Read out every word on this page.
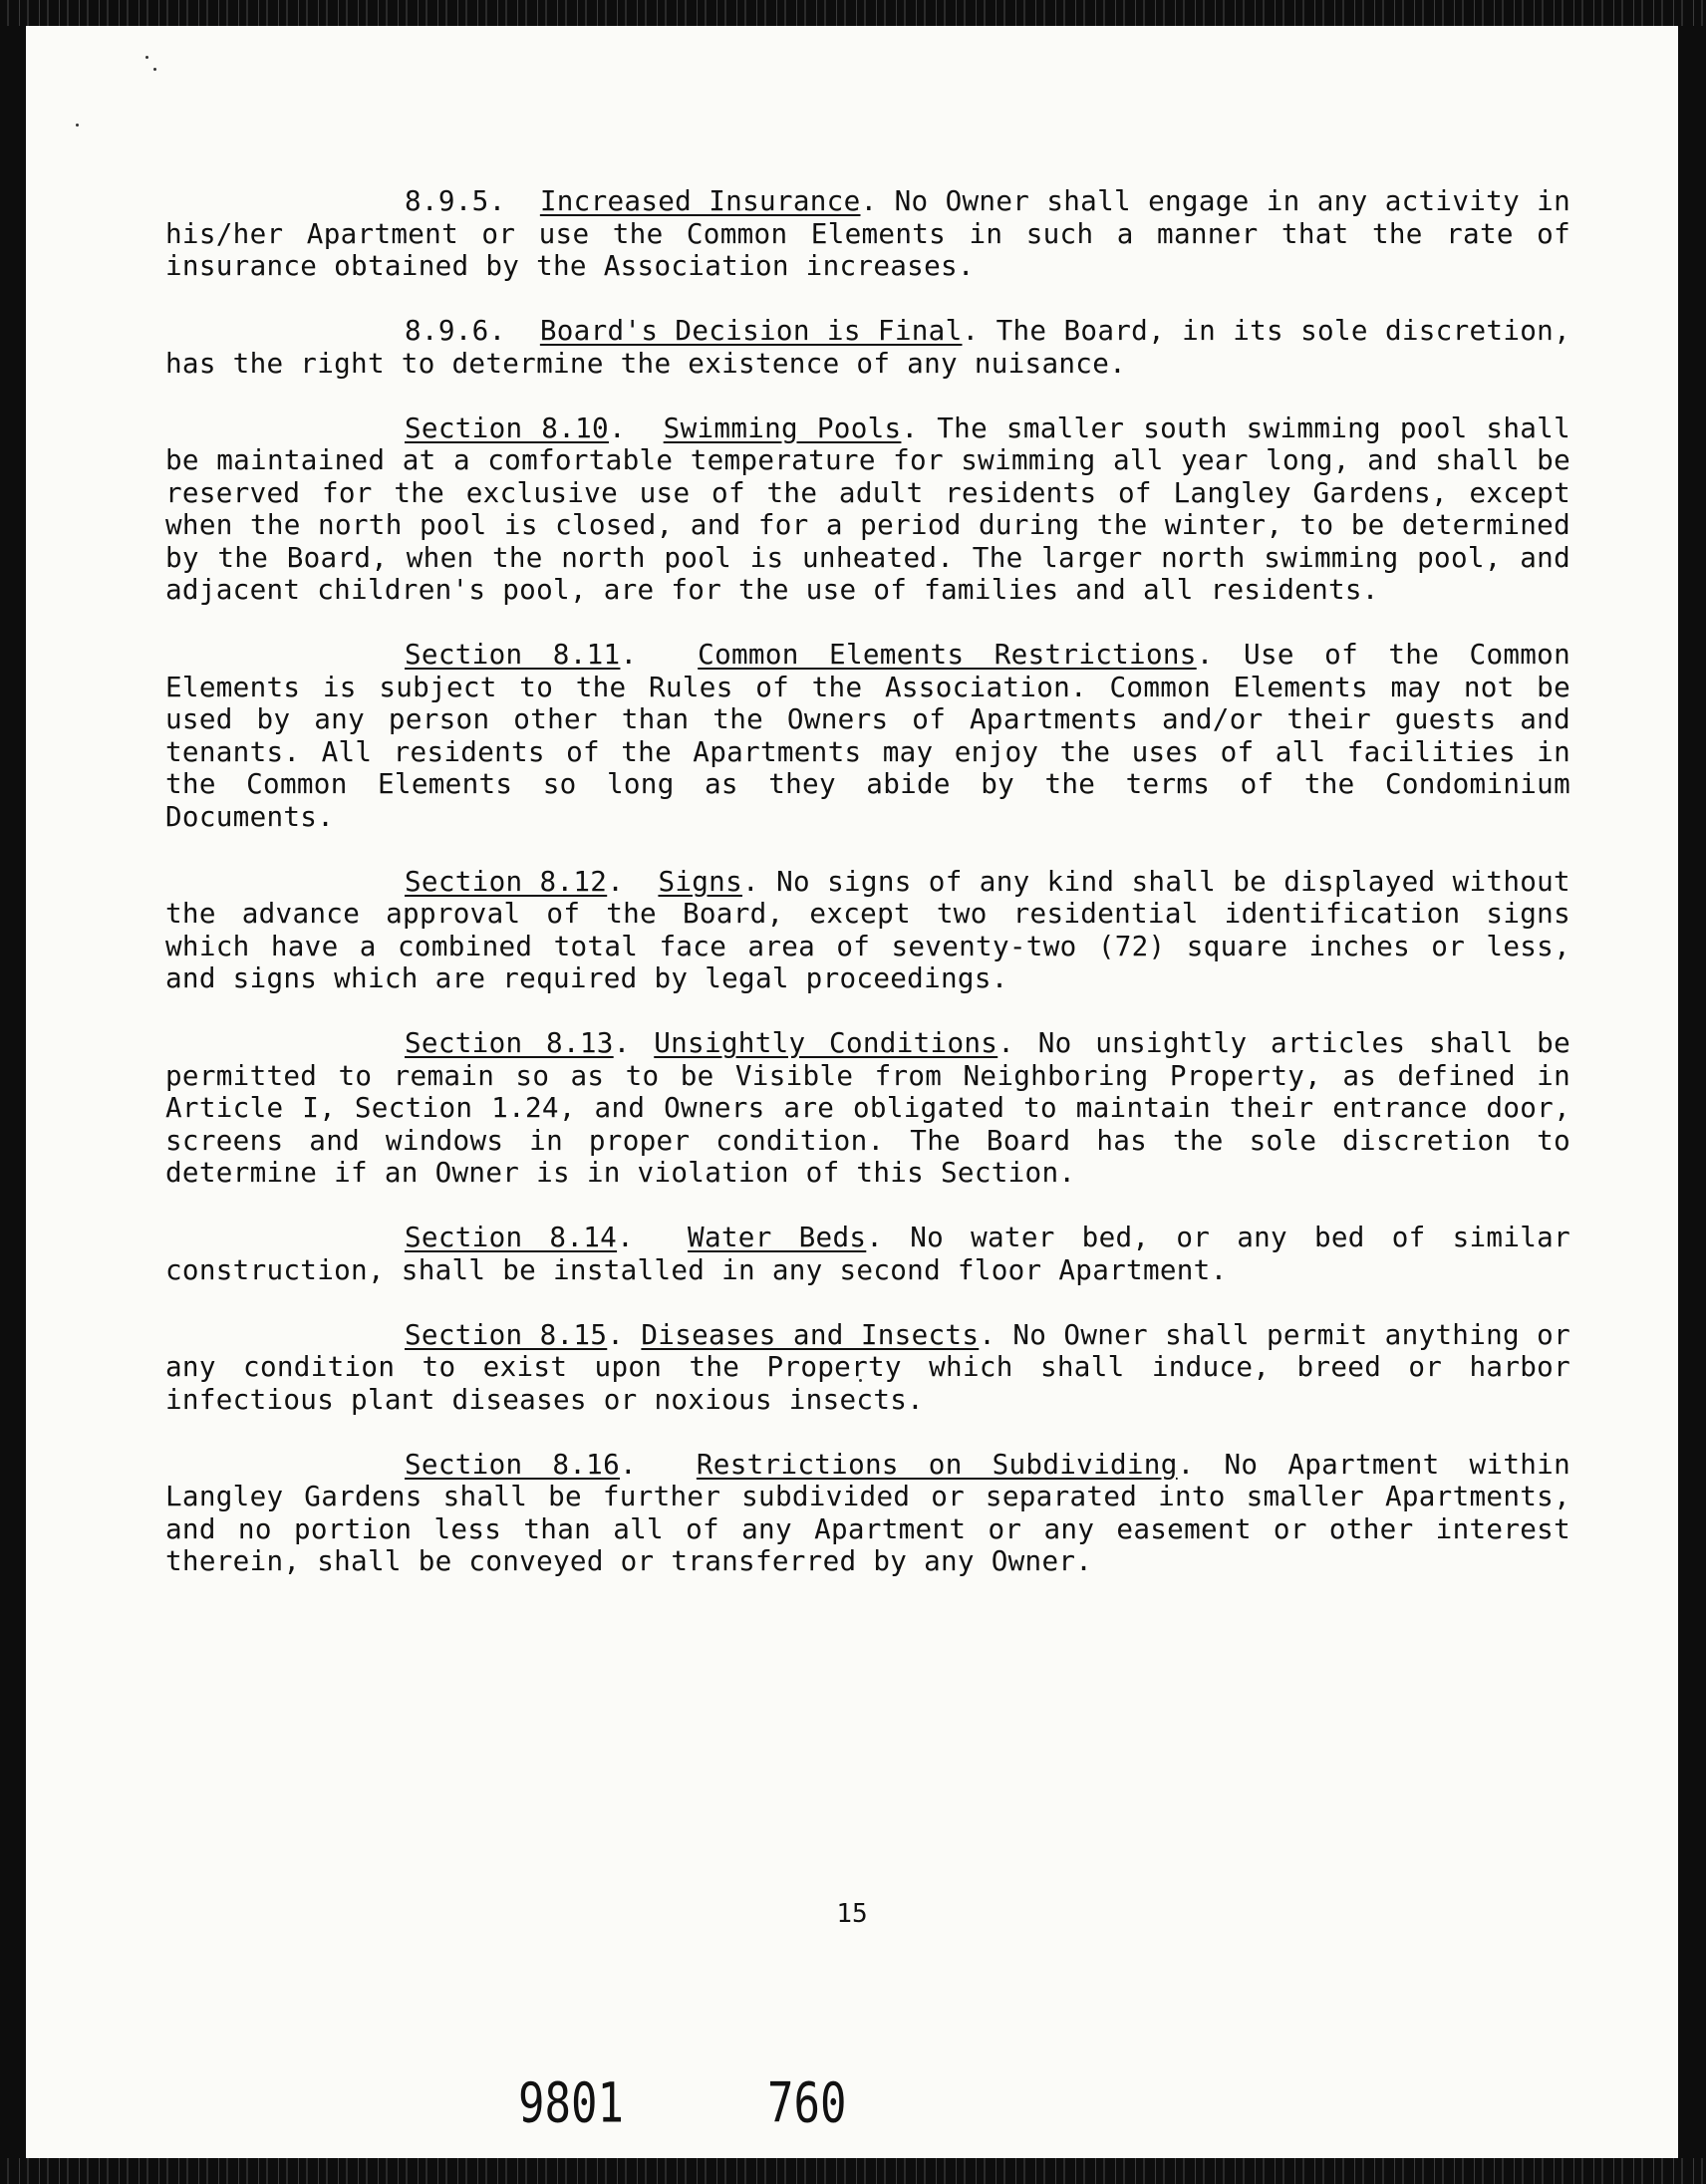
8.9.5. Increased Insurance. No Owner shall engage in any activity in his/her Apartment or use the Common Elements in such a manner that the rate of insurance obtained by the Association increases.

8.9.6. Board's Decision is Final. The Board, in its sole discretion, has the right to determine the existence of any nuisance.

Section 8.10.  Swimming Pools. The smaller south swimming pool shall be maintained at a comfortable temperature for swimming all year long, and shall be reserved for the exclusive use of the adult residents of Langley Gardens, except when the north pool is closed, and for a period during the winter, to be determined by the Board, when the north pool is unheated. The larger north swimming pool, and adjacent children's pool, are for the use of families and all residents.

Section 8.11.  Common Elements Restrictions. Use of the Common Elements is subject to the Rules of the Association. Common Elements may not be used by any person other than the Owners of Apartments and/or their guests and tenants. All residents of the Apartments may enjoy the uses of all facilities in the Common Elements so long as they abide by the terms of the Condominium Documents.

Section 8.12.  Signs. No signs of any kind shall be displayed without the advance approval of the Board, except two residential identification signs which have a combined total face area of seventy-two (72) square inches or less, and signs which are required by legal proceedings.

Section 8.13. Unsightly Conditions. No unsightly articles shall be permitted to remain so as to be Visible from Neighboring Property, as defined in Article I, Section 1.24, and Owners are obligated to maintain their entrance door, screens and windows in proper condition. The Board has the sole discretion to determine if an Owner is in violation of this Section.

Section 8.14.  Water Beds. No water bed, or any bed of similar construction, shall be installed in any second floor Apartment.

Section 8.15. Diseases and Insects. No Owner shall permit anything or any condition to exist upon the Property which shall induce, breed or harbor infectious plant diseases or noxious insects.

Section 8.16.  Restrictions on Subdividing. No Apartment within Langley Gardens shall be further subdivided or separated into smaller Apartments, and no portion less than all of any Apartment or any easement or other interest therein, shall be conveyed or transferred by any Owner.

15
9801	760
